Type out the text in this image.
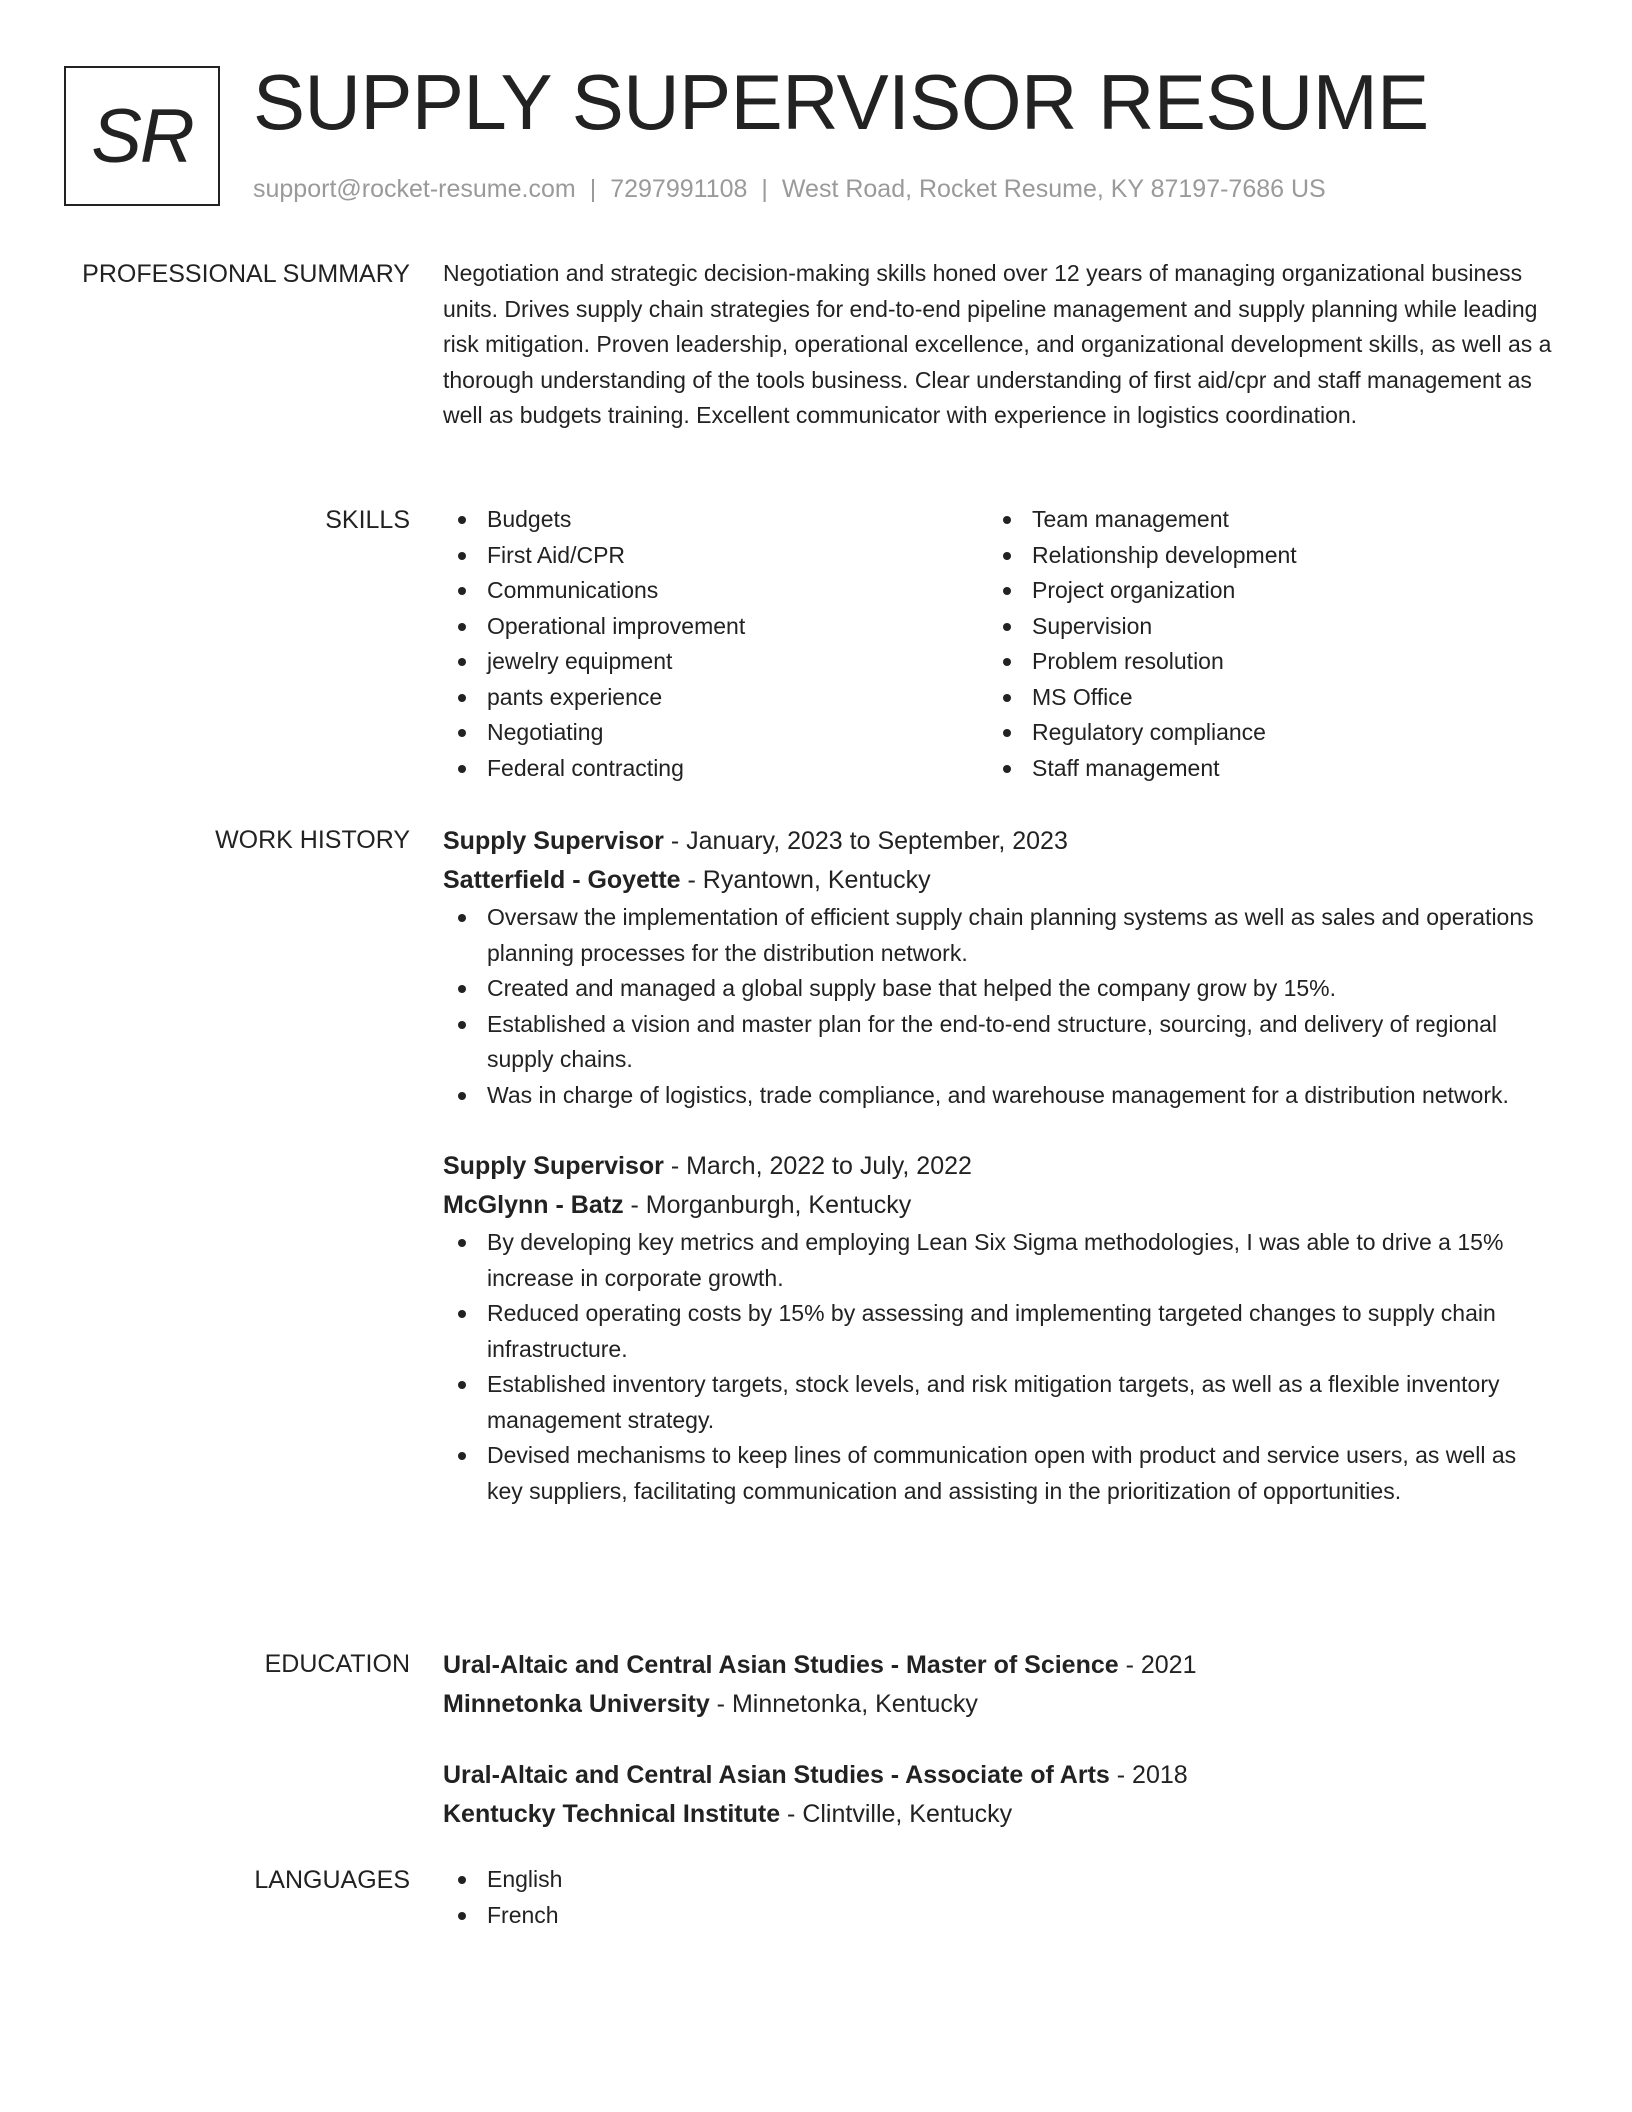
SR SUPPLY SUPERVISOR RESUME
support@rocket-resume.com | 7297991108 | West Road, Rocket Resume, KY 87197-7686 US
PROFESSIONAL SUMMARY Negotiation and strategic decision-making skills honed over 12 years of managing organizational business units. Drives supply chain strategies for end-to-end pipeline management and supply planning while leading risk mitigation. Proven leadership, operational excellence, and organizational development skills, as well as a thorough understanding of the tools business. Clear understanding of first aid/cpr and staff management as well as budgets training. Excellent communicator with experience in logistics coordination.

SKILLS	Budgets
First Aid/CPR
Communications
Operational improvement
jewelry equipment
pants experience
Negotiating
Federal contracting
Team management
Relationship development
Project organization
Supervision
Problem resolution
MS Office
Regulatory compliance
Staff management
WORK HISTORY Supply Supervisor - January, 2023 to September, 2023
Satterfield - Goyette - Ryantown, Kentucky
Oversaw the implementation of efficient supply chain planning systems as well as sales and operations planning processes for the distribution network.
Created and managed a global supply base that helped the company grow by 15%.
Established a vision and master plan for the end-to-end structure, sourcing, and delivery of regional supply chains.
Was in charge of logistics, trade compliance, and warehouse management for a distribution network.
Supply Supervisor - March, 2022 to July, 2022
McGlynn - Batz - Morganburgh, Kentucky
By developing key metrics and employing Lean Six Sigma methodologies, I was able to drive a 15% increase in corporate growth.
Reduced operating costs by 15% by assessing and implementing targeted changes to supply chain infrastructure.
Established inventory targets, stock levels, and risk mitigation targets, as well as a flexible inventory management strategy.
Devised mechanisms to keep lines of communication open with product and service users, as well as key suppliers, facilitating communication and assisting in the prioritization of opportunities.
EDUCATION Ural-Altaic and Central Asian Studies - Master of Science - 2021
Minnetonka University - Minnetonka, Kentucky
Ural-Altaic and Central Asian Studies - Associate of Arts - 2018
Kentucky Technical Institute - Clintville, Kentucky
LANGUAGES	English
French
